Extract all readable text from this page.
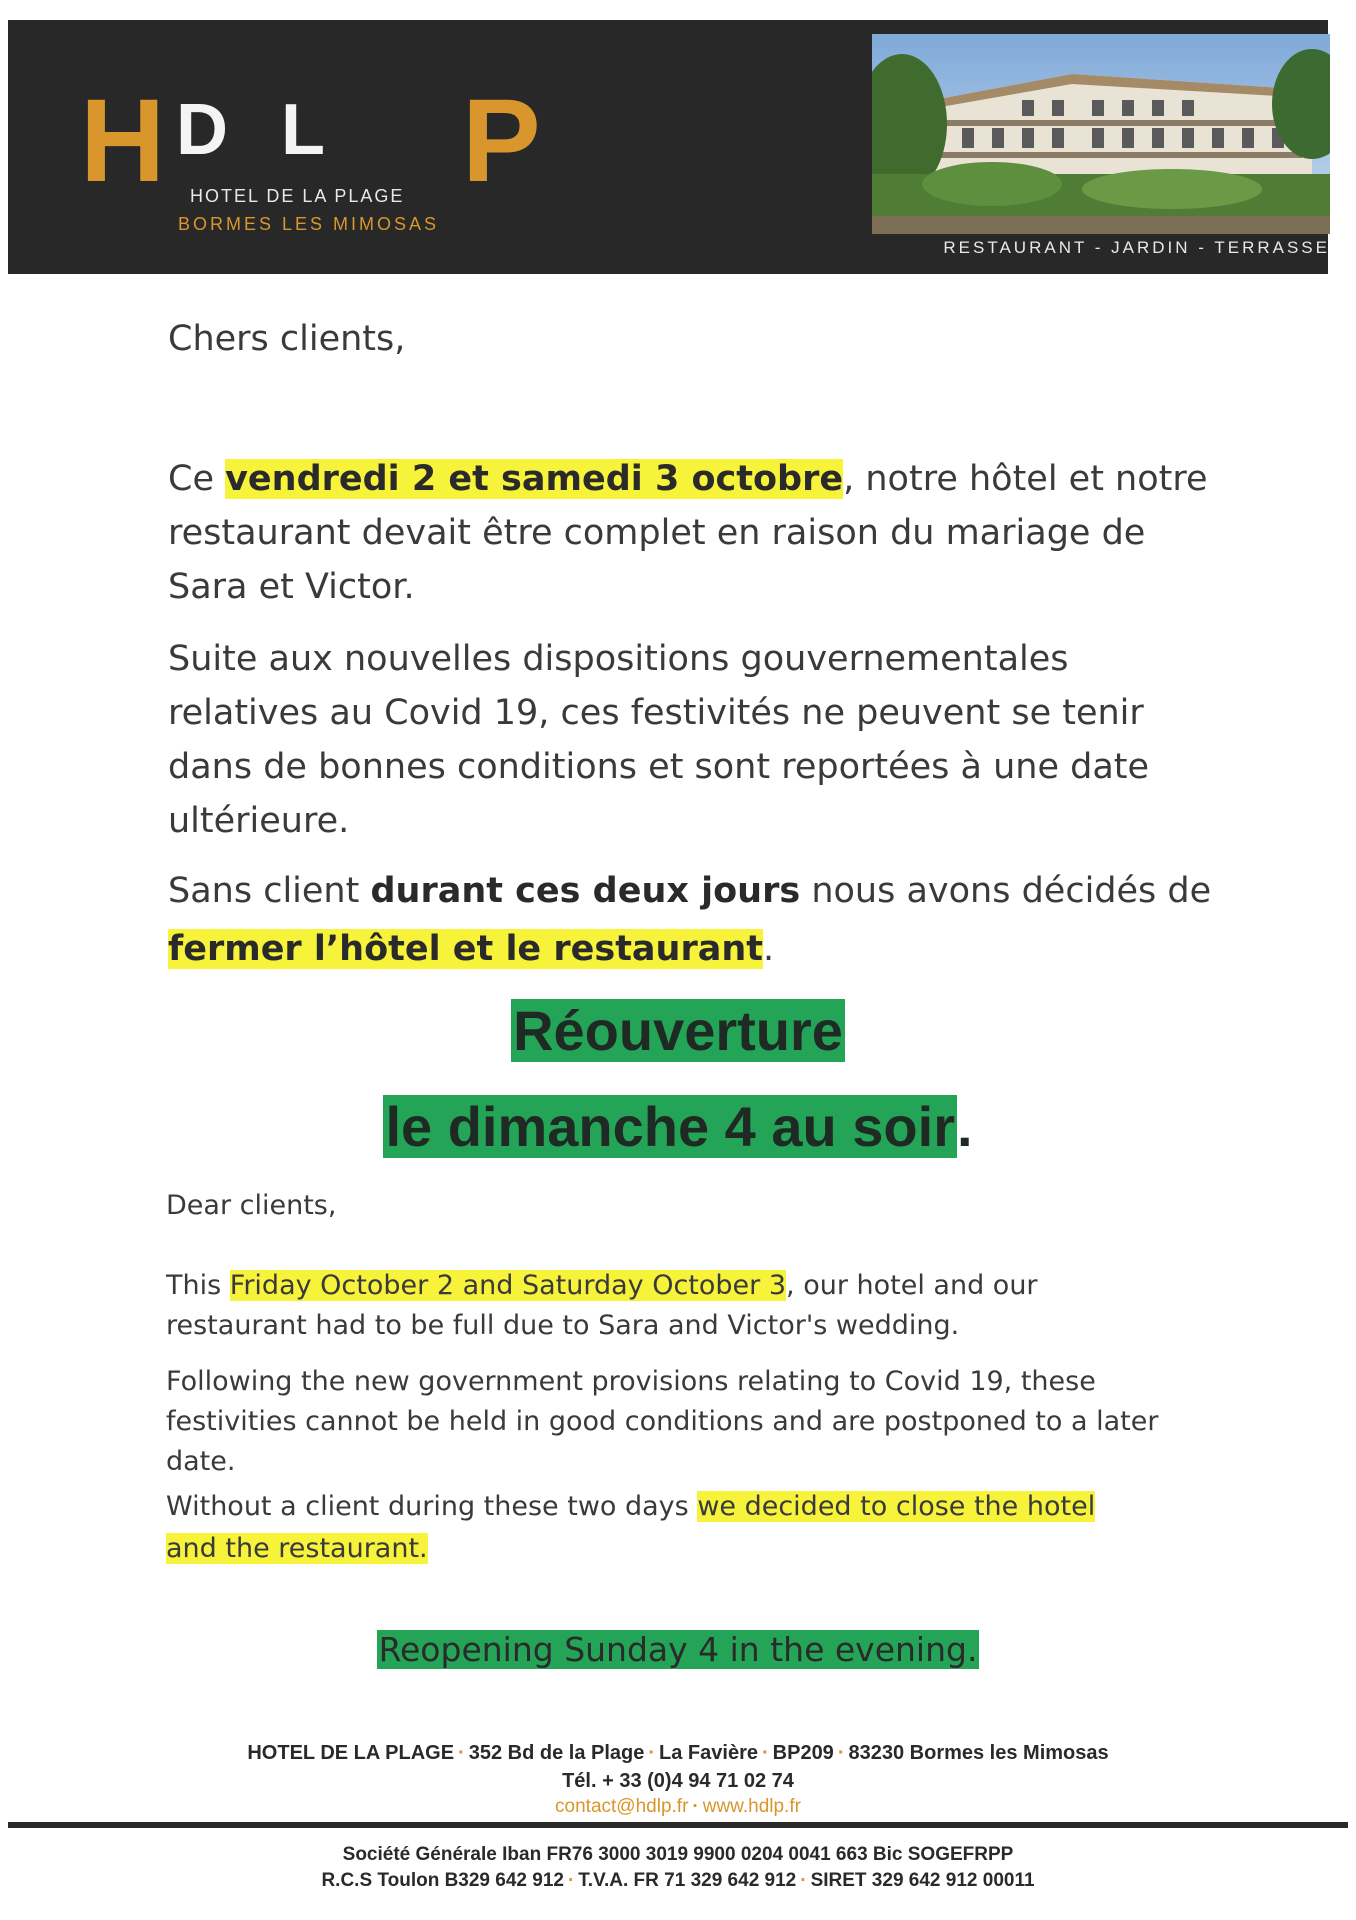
H D L P
HOTEL DE LA PLAGE
BORMES LES MIMOSAS
RESTAURANT - JARDIN - TERRASSE
Chers clients,
Ce vendredi 2 et samedi 3 octobre, notre hôtel et notre restaurant devait être complet en raison du mariage de Sara et Victor.
Suite aux nouvelles dispositions gouvernementales relatives au Covid 19, ces festivités ne peuvent se tenir dans de bonnes conditions et sont reportées à une date ultérieure.
Sans client durant ces deux jours nous avons décidés de fermer l’hôtel et le restaurant.
Réouverture
le dimanche 4 au soir.
Dear clients,
This Friday October 2 and Saturday October 3, our hotel and our restaurant had to be full due to Sara and Victor's wedding.
Following the new government provisions relating to Covid 19, these festivities cannot be held in good conditions and are postponed to a later date.
Without a client during these two days we decided to close the hotel
and the restaurant.
Reopening Sunday 4 in the evening.
HOTEL DE LA PLAGE · 352 Bd de la Plage · La Favière · BP209 · 83230 Bormes les Mimosas
Tél. + 33 (0)4 94 71 02 74
contact@hdlp.fr · www.hdlp.fr
Société Générale Iban FR76 3000 3019 9900 0204 0041 663 Bic SOGEFRPP
R.C.S Toulon B329 642 912 · T.V.A. FR 71 329 642 912 · SIRET 329 642 912 00011
